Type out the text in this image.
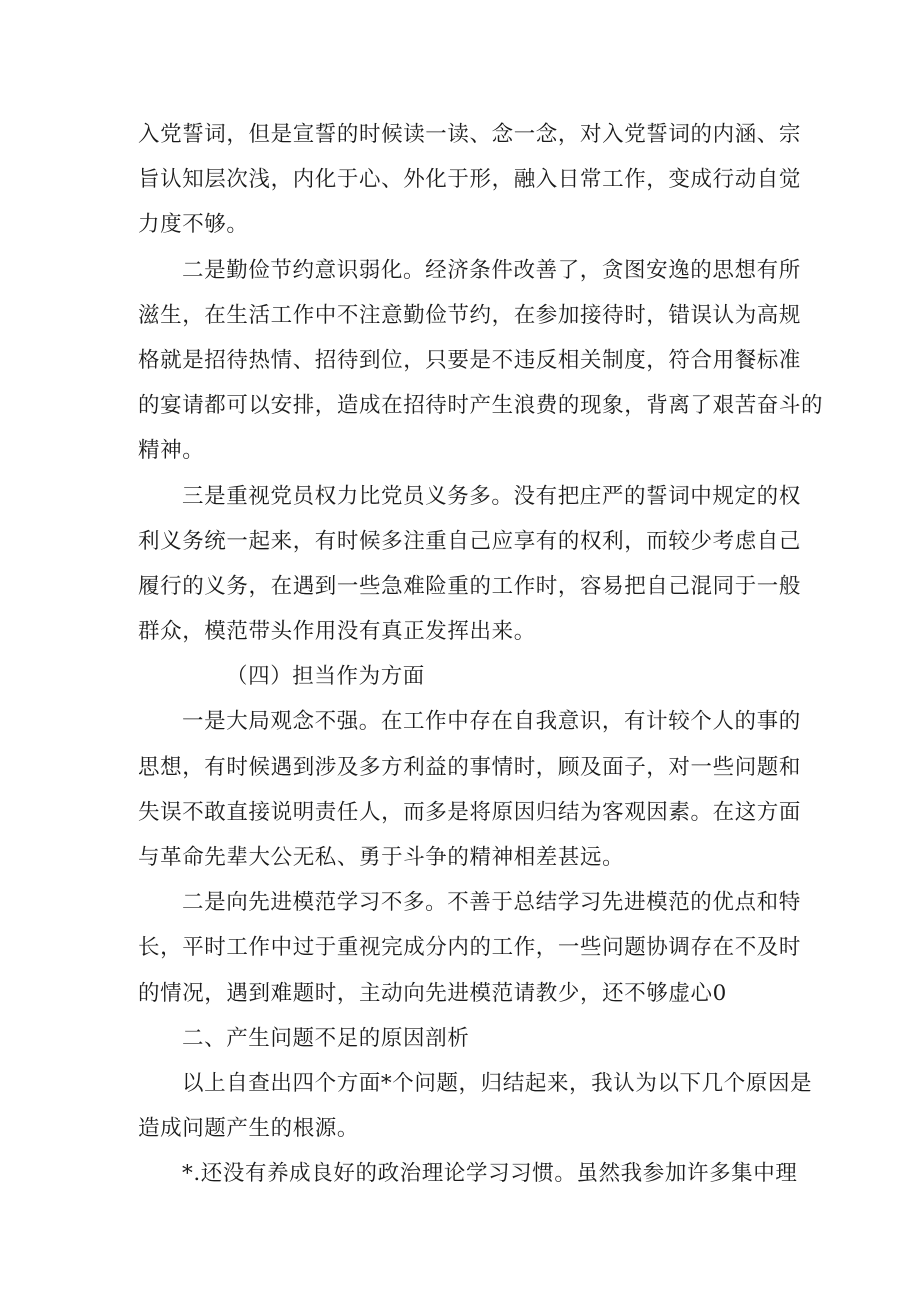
入党誓词，但是宣誓的时候读一读、念一念，对入党誓词的内涵、宗
旨认知层次浅，内化于心、外化于形，融入日常工作，变成行动自觉
力度不够。
二是勤俭节约意识弱化。经济条件改善了，贪图安逸的思想有所
滋生，在生活工作中不注意勤俭节约，在参加接待时，错误认为高规
格就是招待热情、招待到位，只要是不违反相关制度，符合用餐标准
的宴请都可以安排，造成在招待时产生浪费的现象，背离了艰苦奋斗的
精神。
三是重视党员权力比党员义务多。没有把庄严的誓词中规定的权
利义务统一起来，有时候多注重自己应享有的权利，而较少考虑自己
履行的义务，在遇到一些急难险重的工作时，容易把自己混同于一般
群众，模范带头作用没有真正发挥出来。
（四）担当作为方面
一是大局观念不强。在工作中存在自我意识，有计较个人的事的
思想，有时候遇到涉及多方利益的事情时，顾及面子，对一些问题和
失误不敢直接说明责任人，而多是将原因归结为客观因素。在这方面
与革命先辈大公无私、勇于斗争的精神相差甚远。
二是向先进模范学习不多。不善于总结学习先进模范的优点和特
长，平时工作中过于重视完成分内的工作，一些问题协调存在不及时
的情况，遇到难题时，主动向先进模范请教少，还不够虚心0
二、产生问题不足的原因剖析
以上自查出四个方面*个问题，归结起来，我认为以下几个原因是
造成问题产生的根源。
*.还没有养成良好的政治理论学习习惯。虽然我参加许多集中理
